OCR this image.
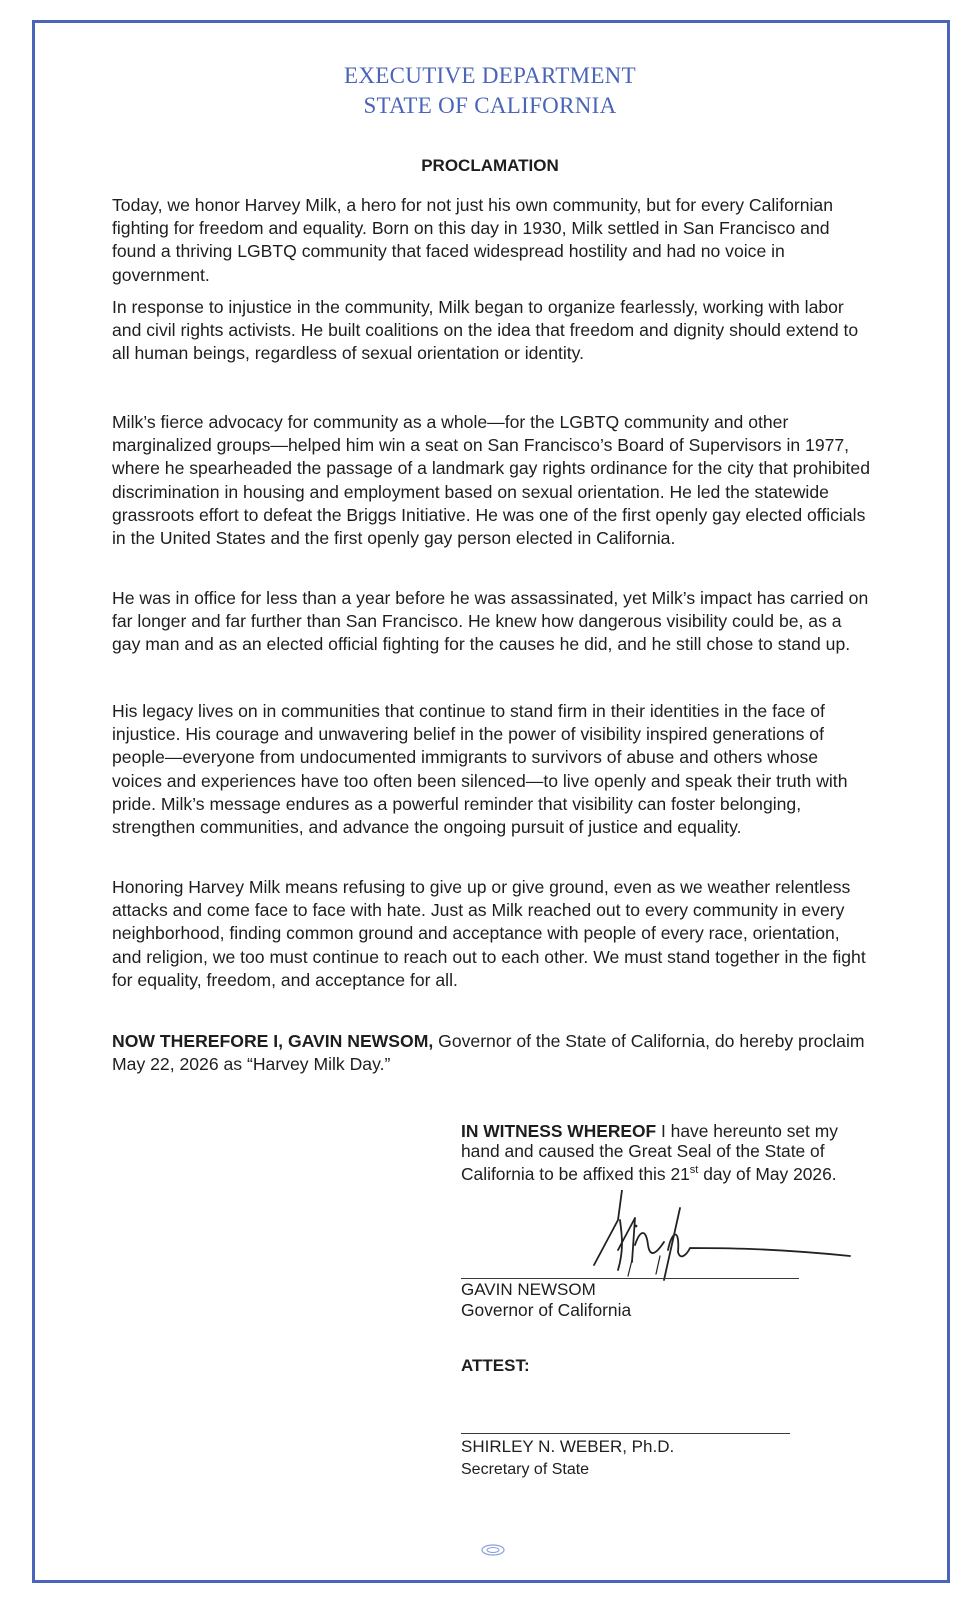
EXECUTIVE DEPARTMENT
STATE OF CALIFORNIA
PROCLAMATION

Today, we honor Harvey Milk, a hero for not just his own community, but for every Californian fighting for freedom and equality. Born on this day in 1930, Milk settled in San Francisco and found a thriving LGBTQ community that faced widespread hostility and had no voice in government.

In response to injustice in the community, Milk began to organize fearlessly, working with labor and civil rights activists. He built coalitions on the idea that freedom and dignity should extend to all human beings, regardless of sexual orientation or identity.

Milk’s fierce advocacy for community as a whole—for the LGBTQ community and other marginalized groups—helped him win a seat on San Francisco’s Board of Supervisors in 1977, where he spearheaded the passage of a landmark gay rights ordinance for the city that prohibited discrimination in housing and employment based on sexual orientation. He led the statewide grassroots effort to defeat the Briggs Initiative. He was one of the first openly gay elected officials in the United States and the first openly gay person elected in California.

He was in office for less than a year before he was assassinated, yet Milk’s impact has carried on far longer and far further than San Francisco. He knew how dangerous visibility could be, as a gay man and as an elected official fighting for the causes he did, and he still chose to stand up.

His legacy lives on in communities that continue to stand firm in their identities in the face of injustice. His courage and unwavering belief in the power of visibility inspired generations of people—everyone from undocumented immigrants to survivors of abuse and others whose voices and experiences have too often been silenced—to live openly and speak their truth with pride. Milk’s message endures as a powerful reminder that visibility can foster belonging, strengthen communities, and advance the ongoing pursuit of justice and equality.

Honoring Harvey Milk means refusing to give up or give ground, even as we weather relentless attacks and come face to face with hate. Just as Milk reached out to every community in every neighborhood, finding common ground and acceptance with people of every race, orientation, and religion, we too must continue to reach out to each other. We must stand together in the fight for equality, freedom, and acceptance for all.

NOW THEREFORE I, GAVIN NEWSOM, Governor of the State of California, do hereby proclaim May 22, 2026 as “Harvey Milk Day.”
IN WITNESS WHEREOF I have hereunto set my hand and caused the Great Seal of the State of California to be affixed this 21st day of May 2026.
GAVIN NEWSOM
Governor of California
ATTEST:
SHIRLEY N. WEBER, Ph.D.
Secretary of State
